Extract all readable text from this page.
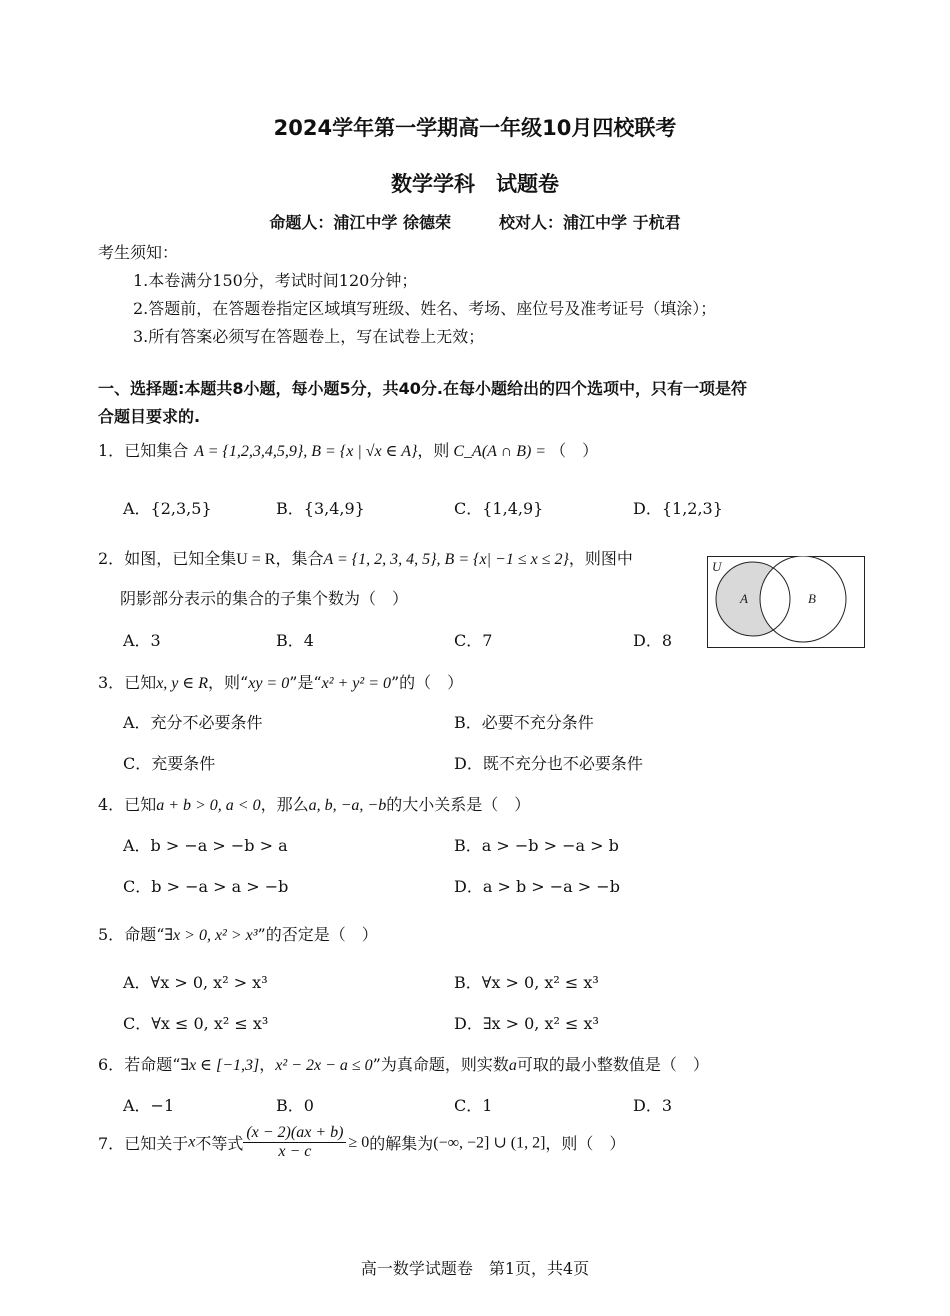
2024学年第一学期高一年级10月四校联考
数学学科　试题卷
命题人：浦江中学 徐德荣　　　校对人：浦江中学 于杭君
考生须知：
1.本卷满分150分，考试时间120分钟；
2.答题前，在答题卷指定区域填写班级、姓名、考场、座位号及准考证号（填涂）；
3.所有答案必须写在答题卷上，写在试卷上无效；
一、选择题:本题共8小题，每小题5分，共40分.在每小题给出的四个选项中，只有一项是符
合题目要求的.
1．已知集合 A = {1,2,3,4,5,9}, B = {x | √x ∈ A}，则 C_A(A ∩ B) = （　）
A．{2,3,5}	B．{3,4,9}	C．{1,4,9}	D．{1,2,3}
2．如图，已知全集U = R，集合A = {1, 2, 3, 4, 5}, B = {x| −1 ≤ x ≤ 2}，则图中
阴影部分表示的集合的子集个数为（　）
A．3	B．4	C．7	D．8
U
A	B
3．已知x, y ∈ R，则“xy = 0”是“x² + y² = 0”的（　）
A．充分不必要条件	B．必要不充分条件
C．充要条件	D．既不充分也不必要条件
4．已知a + b > 0, a < 0，那么a, b, −a, −b的大小关系是（　）
A．b > −a > −b > a	B．a > −b > −a > b
C．b > −a > a > −b	D．a > b > −a > −b
5．命题“∃x > 0, x² > x³”的否定是（　）
A．∀x > 0, x² > x³	B．∀x > 0, x² ≤ x³
C．∀x ≤ 0, x² ≤ x³	D．∃x > 0, x² ≤ x³
6．若命题“∃x ∈ [−1,3]，x² − 2x − a ≤ 0”为真命题，则实数a可取的最小整数值是（　）
A．−1	B．0	C．1	D．3
7．已知关于x不等式 $\frac{(x - 2)(ax + b)}{x - c} \ge 0$的解集为(−∞, −2] ∪ (1, 2]，则（　）
高一数学试题卷　第1页，共4页
